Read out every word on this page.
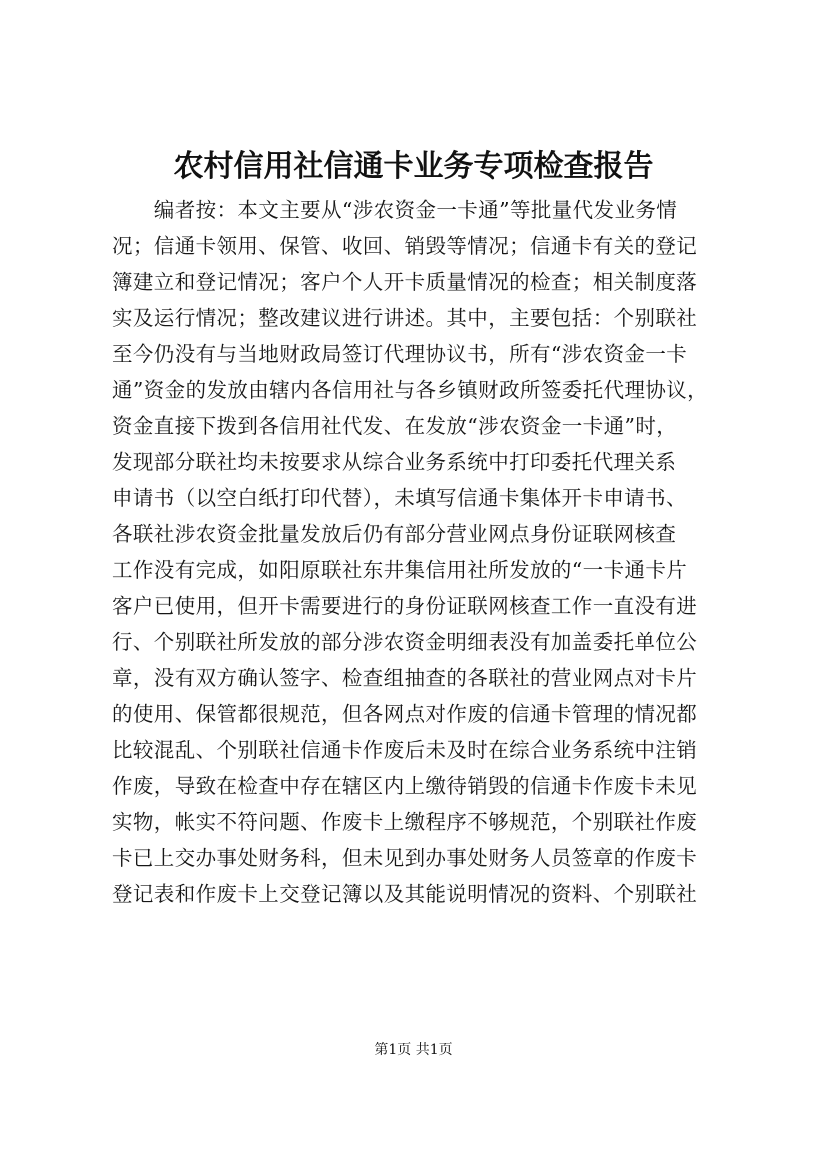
农村信用社信通卡业务专项检查报告
　　编者按：本文主要从“涉农资金一卡通”等批量代发业务情
况；信通卡领用、保管、收回、销毁等情况；信通卡有关的登记
簿建立和登记情况；客户个人开卡质量情况的检查；相关制度落
实及运行情况；整改建议进行讲述。其中，主要包括：个别联社
至今仍没有与当地财政局签订代理协议书，所有“涉农资金一卡
通”资金的发放由辖内各信用社与各乡镇财政所签委托代理协议，
资金直接下拨到各信用社代发、在发放“涉农资金一卡通”时，
发现部分联社均未按要求从综合业务系统中打印委托代理关系
申请书（以空白纸打印代替），未填写信通卡集体开卡申请书、
各联社涉农资金批量发放后仍有部分营业网点身份证联网核查
工作没有完成，如阳原联社东井集信用社所发放的“一卡通卡片
客户已使用，但开卡需要进行的身份证联网核查工作一直没有进
行、个别联社所发放的部分涉农资金明细表没有加盖委托单位公
章，没有双方确认签字、检查组抽查的各联社的营业网点对卡片
的使用、保管都很规范，但各网点对作废的信通卡管理的情况都
比较混乱、个别联社信通卡作废后未及时在综合业务系统中注销
作废，导致在检查中存在辖区内上缴待销毁的信通卡作废卡未见
实物，帐实不符问题、作废卡上缴程序不够规范，个别联社作废
卡已上交办事处财务科，但未见到办事处财务人员签章的作废卡
登记表和作废卡上交登记簿以及其能说明情况的资料、个别联社
第1页 共1页
